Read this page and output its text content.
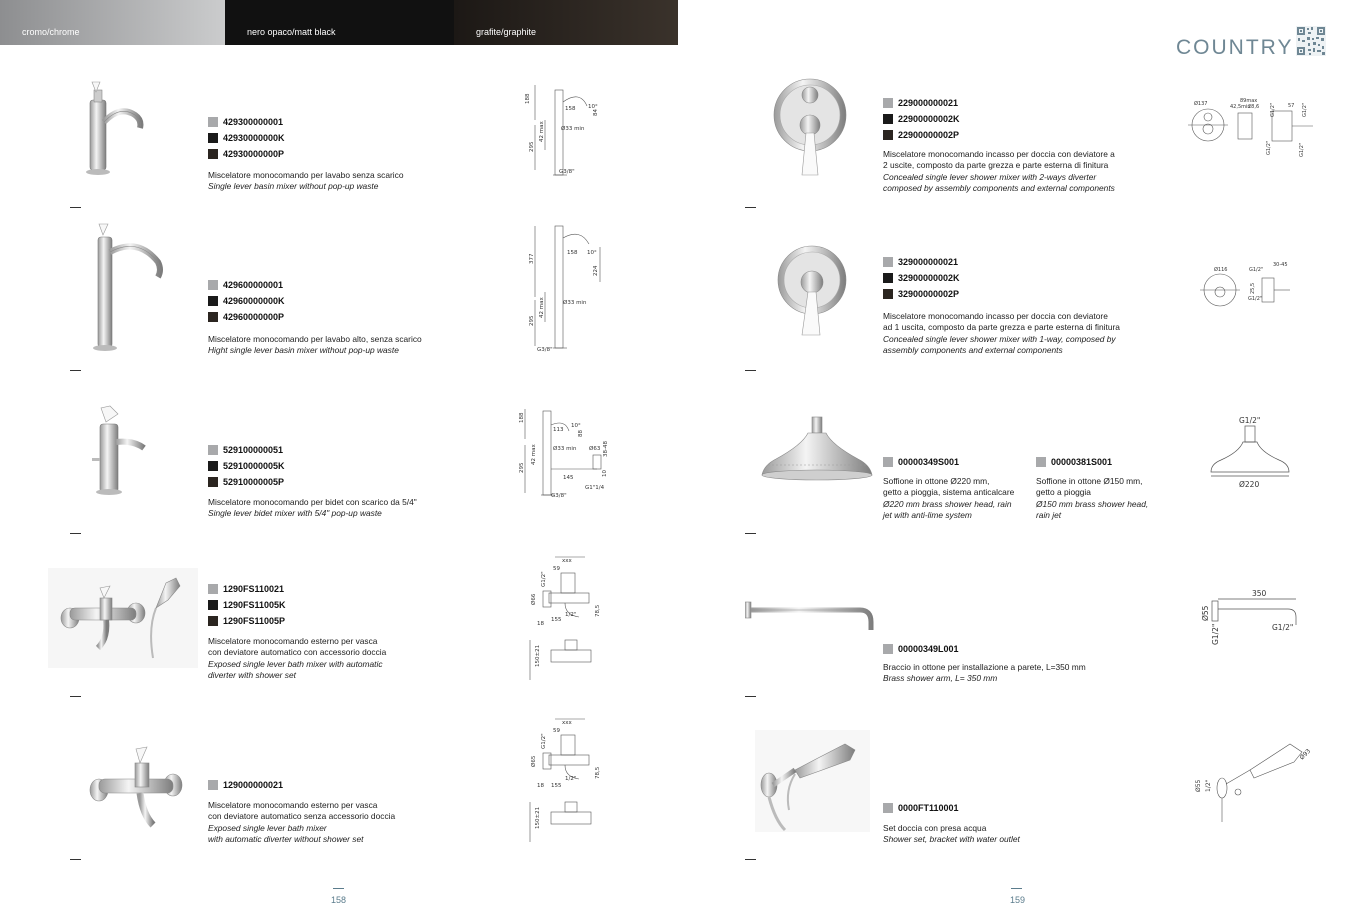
cromo/chrome	nero opaco/matt black	grafite/graphite
COUNTRY
429300000001
42930000000K
42930000000P

Miscelatore monocomando per lavabo senza scarico

Single lever basin mixer without pop-up waste

188
158 10°
84
Ø33 min
42 max
295
G3/8"
429600000001
42960000000K
42960000000P

Miscelatore monocomando per lavabo alto, senza scarico

Hight single lever basin mixer without pop-up waste

377
158 10°
224
Ø33 min
42 max
295
G3/8"
529100000051
52910000005K
52910000005P

Miscelatore monocomando per bidet con scarico da 5/4"

Single lever bidet mixer with 5/4" pop-up waste

188
113
10°
88
Ø33 min Ø63 38-48
42 max
295
145
10
G1"1/4
G3/8"
1290FS110021
1290FS11005K
1290FS11005P

Miscelatore monocomando esterno per vasca

con deviatore automatico con accessorio doccia

Exposed single lever bath mixer with automatic

diverter with shower set

xxx
59
G1/2"
Ø66
18
155
1/2"	78,5
150±21
129000000021

Miscelatore monocomando esterno per vasca

con deviatore automatico senza accessorio doccia

Exposed single lever bath mixer

with automatic diverter without shower set

xxx
59
G1/2"
Ø65
18 155
1/2"	78,5
150±21
158
229000000021
22900000002K
22900000002P

Miscelatore monocomando incasso per doccia con deviatore a

2 uscite, composto da parte grezza e parte esterna di finitura

Concealed single lever shower mixer with 2-ways diverter

composed by assembly components and external components

Ø137	89max
42,5min
28,6 G1/2" 57 G1/2"
G1/2"	G1/2"
329000000021
32900000002K
32900000002P

Miscelatore monocomando incasso per doccia con deviatore

ad 1 uscita, composto da parte grezza e parte esterna di finitura

Concealed single lever shower mixer with 1-way, composed by

assembly components and external components

Ø116	G1/2"
30-45
25,5
G1/2"
00000349S001	00000381S001

Soffione in ottone Ø220 mm,

getto a pioggia, sistema anticalcare

Ø220 mm brass shower head, rain

jet with anti-lime system

Soffione in ottone Ø150 mm,

getto a pioggia

Ø150 mm brass shower head,

rain jet

G1/2"
Ø220
00000349L001

Braccio in ottone per installazione a parete, L=350 mm

Brass shower arm, L= 350 mm

350
Ø55
G1/2"	G1/2"
0000FT110001

Set doccia con presa acqua

Shower set, bracket with water outlet

Ø55 1/2"
Ø93
159
